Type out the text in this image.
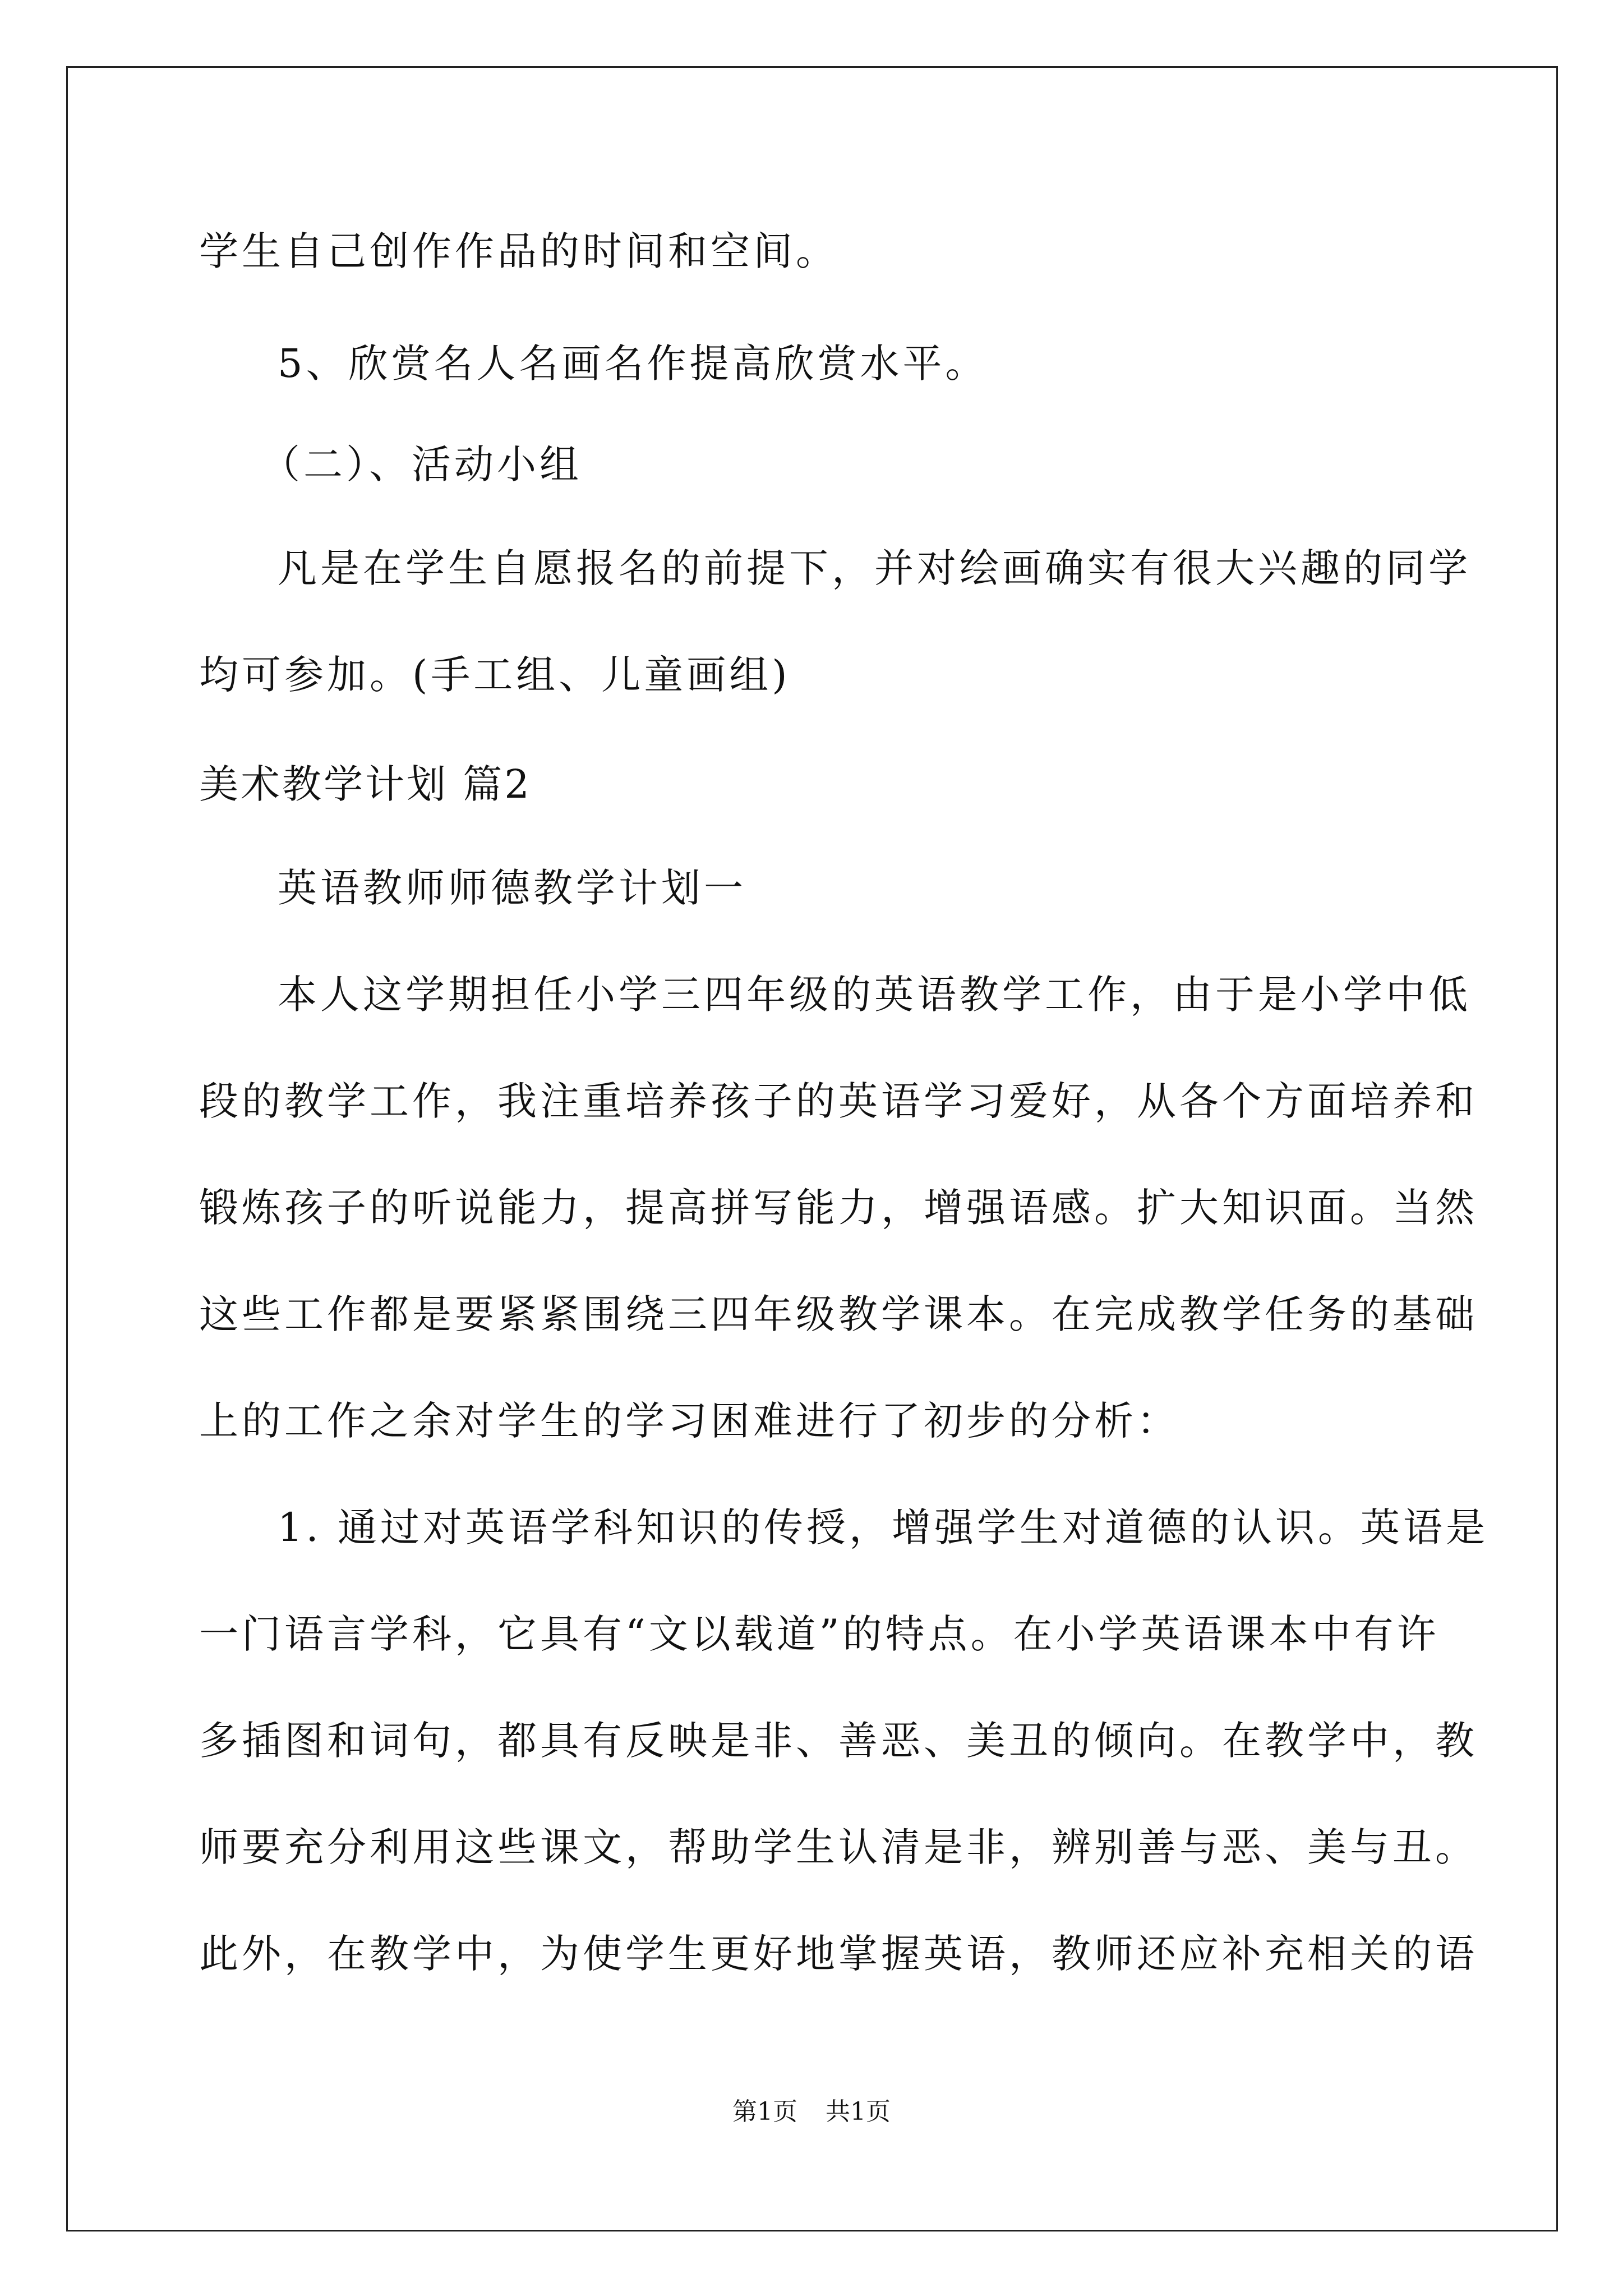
学生自己创作作品的时间和空间。
5、欣赏名人名画名作提高欣赏水平。
（二）、活动小组
凡是在学生自愿报名的前提下，并对绘画确实有很大兴趣的同学
均可参加。(手工组、儿童画组)
美术教学计划 篇2
英语教师师德教学计划一
本人这学期担任小学三四年级的英语教学工作，由于是小学中低
段的教学工作，我注重培养孩子的英语学习爱好，从各个方面培养和
锻炼孩子的听说能力，提高拼写能力，增强语感。扩大知识面。当然
这些工作都是要紧紧围绕三四年级教学课本。在完成教学任务的基础
上的工作之余对学生的学习困难进行了初步的分析：
1. 通过对英语学科知识的传授，增强学生对道德的认识。英语是
一门语言学科，它具有“文以载道”的特点。在小学英语课本中有许
多插图和词句，都具有反映是非、善恶、美丑的倾向。在教学中，教
师要充分利用这些课文，帮助学生认清是非，辨别善与恶、美与丑。
此外，在教学中，为使学生更好地掌握英语，教师还应补充相关的语
第1页 共1页
